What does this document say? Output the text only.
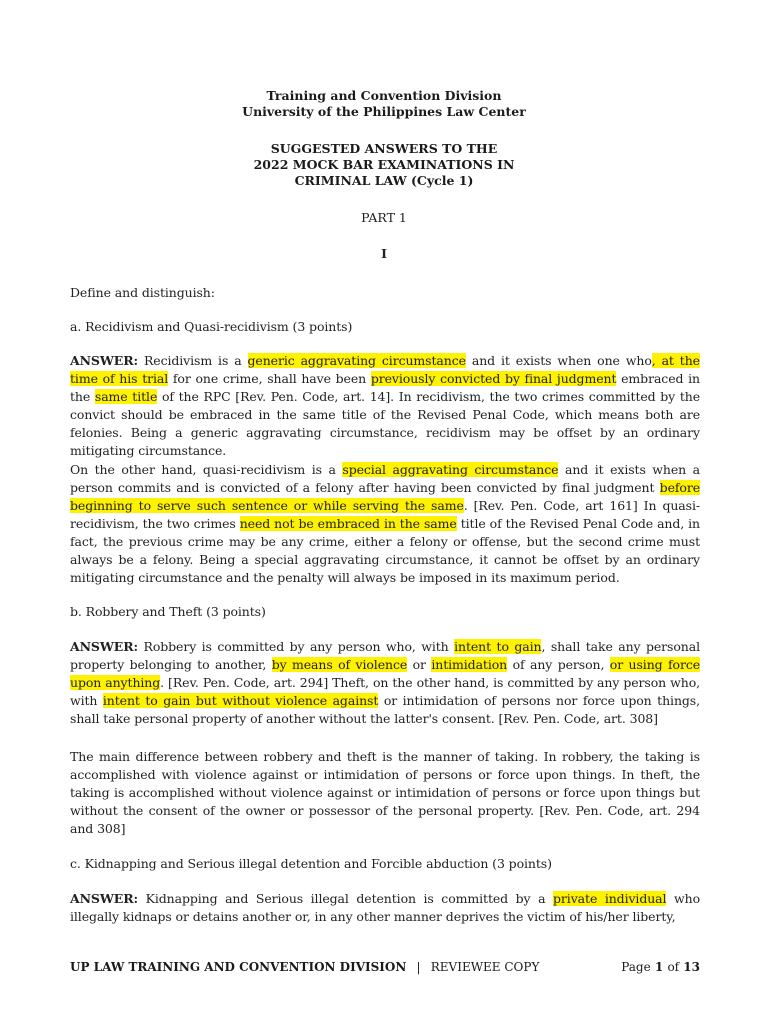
Training and Convention Division
University of the Philippines Law Center
SUGGESTED ANSWERS TO THE
2022 MOCK BAR EXAMINATIONS IN
CRIMINAL LAW (Cycle 1)
PART 1
I
Define and distinguish:
a. Recidivism and Quasi-recidivism (3 points)
ANSWER: Recidivism is a generic aggravating circumstance and it exists when one who, at the time of his trial for one crime, shall have been previously convicted by final judgment embraced in the same title of the RPC [Rev. Pen. Code, art. 14]. In recidivism, the two crimes committed by the convict should be embraced in the same title of the Revised Penal Code, which means both are felonies. Being a generic aggravating circumstance, recidivism may be offset by an ordinary mitigating circumstance.
On the other hand, quasi-recidivism is a special aggravating circumstance and it exists when a person commits and is convicted of a felony after having been convicted by final judgment before beginning to serve such sentence or while serving the same. [Rev. Pen. Code, art 161] In quasi-recidivism, the two crimes need not be embraced in the same title of the Revised Penal Code and, in fact, the previous crime may be any crime, either a felony or offense, but the second crime must always be a felony. Being a special aggravating circumstance, it cannot be offset by an ordinary mitigating circumstance and the penalty will always be imposed in its maximum period.
b. Robbery and Theft (3 points)
ANSWER: Robbery is committed by any person who, with intent to gain, shall take any personal property belonging to another, by means of violence or intimidation of any person, or using force upon anything. [Rev. Pen. Code, art. 294] Theft, on the other hand, is committed by any person who, with intent to gain but without violence against or intimidation of persons nor force upon things, shall take personal property of another without the latter's consent. [Rev. Pen. Code, art. 308]
The main difference between robbery and theft is the manner of taking. In robbery, the taking is accomplished with violence against or intimidation of persons or force upon things. In theft, the taking is accomplished without violence against or intimidation of persons or force upon things but without the consent of the owner or possessor of the personal property. [Rev. Pen. Code, art. 294 and 308]
c. Kidnapping and Serious illegal detention and Forcible abduction (3 points)
ANSWER: Kidnapping and Serious illegal detention is committed by a private individual who illegally kidnaps or detains another or, in any other manner deprives the victim of his/her liberty,
UP LAW TRAINING AND CONVENTION DIVISION | REVIEWEE COPY	Page 1 of 13
